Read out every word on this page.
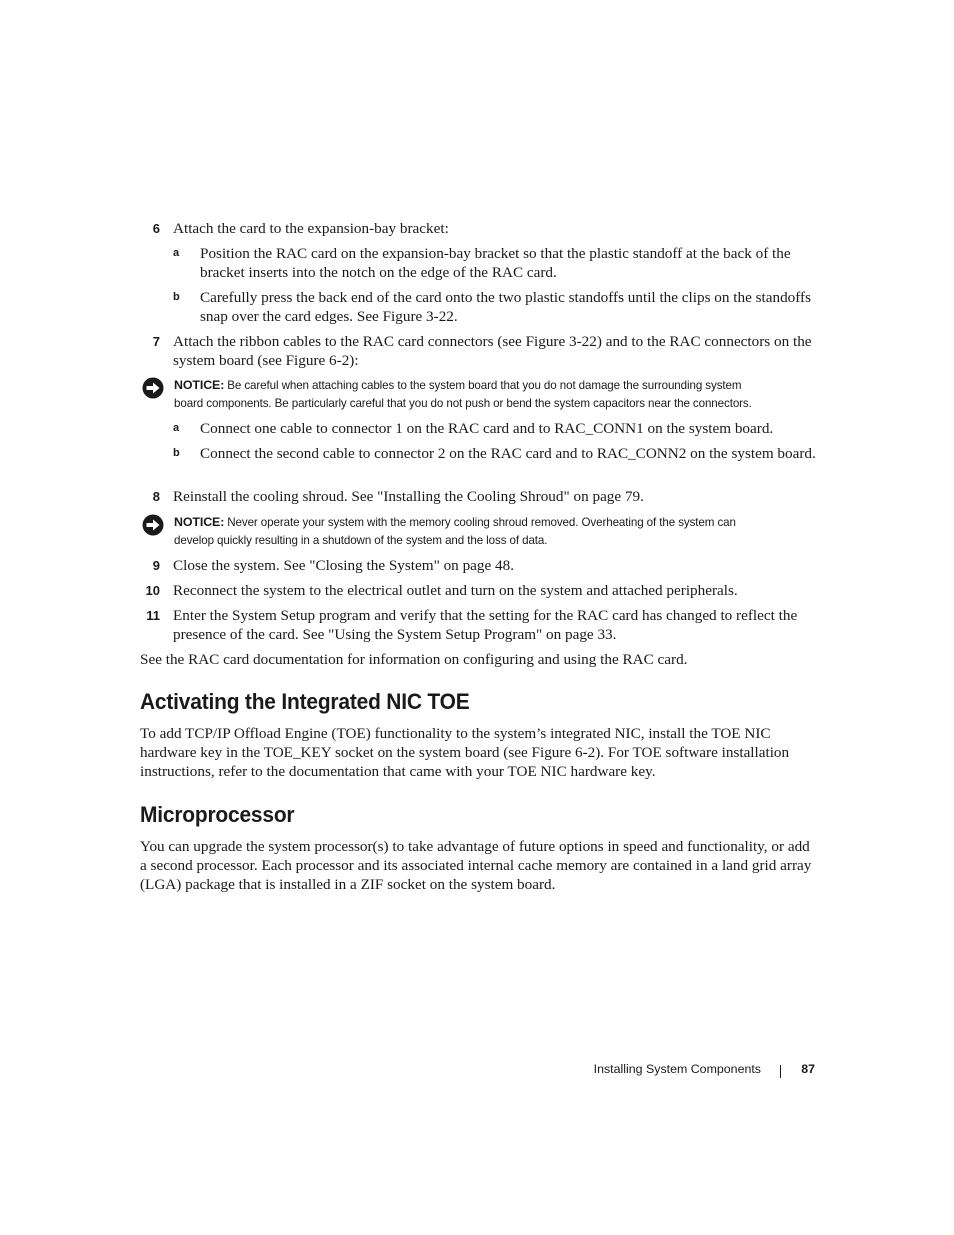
6 Attach the card to the expansion-bay bracket:
a	Position the RAC card on the expansion-bay bracket so that the plastic standoff at the back of the bracket inserts into the notch on the edge of the RAC card.
b	Carefully press the back end of the card onto the two plastic standoffs until the clips on the standoffs snap over the card edges. See Figure 3-22.
7 Attach the ribbon cables to the RAC card connectors (see Figure 3-22) and to the RAC connectors on the system board (see Figure 6-2):
NOTICE: Be careful when attaching cables to the system board that you do not damage the surrounding system
board components. Be particularly careful that you do not push or bend the system capacitors near the connectors.
a	Connect one cable to connector 1 on the RAC card and to RAC_CONN1 on the system board.
b	Connect the second cable to connector 2 on the RAC card and to RAC_CONN2 on the system board.
8 Reinstall the cooling shroud. See "Installing the Cooling Shroud" on page 79.
NOTICE: Never operate your system with the memory cooling shroud removed. Overheating of the system can
develop quickly resulting in a shutdown of the system and the loss of data.
9 Close the system. See "Closing the System" on page 48.
10 Reconnect the system to the electrical outlet and turn on the system and attached peripherals.
11 Enter the System Setup program and verify that the setting for the RAC card has changed to reflect the presence of the card. See "Using the System Setup Program" on page 33.
See the RAC card documentation for information on configuring and using the RAC card.
Activating the Integrated NIC TOE
To add TCP/IP Offload Engine (TOE) functionality to the system’s integrated NIC, install the TOE NIC hardware key in the TOE_KEY socket on the system board (see Figure 6-2). For TOE software installation instructions, refer to the documentation that came with your TOE NIC hardware key.
Microprocessor
You can upgrade the system processor(s) to take advantage of future options in speed and functionality, or add a second processor. Each processor and its associated internal cache memory are contained in a land grid array (LGA) package that is installed in a ZIF socket on the system board.
Installing System Components	87
